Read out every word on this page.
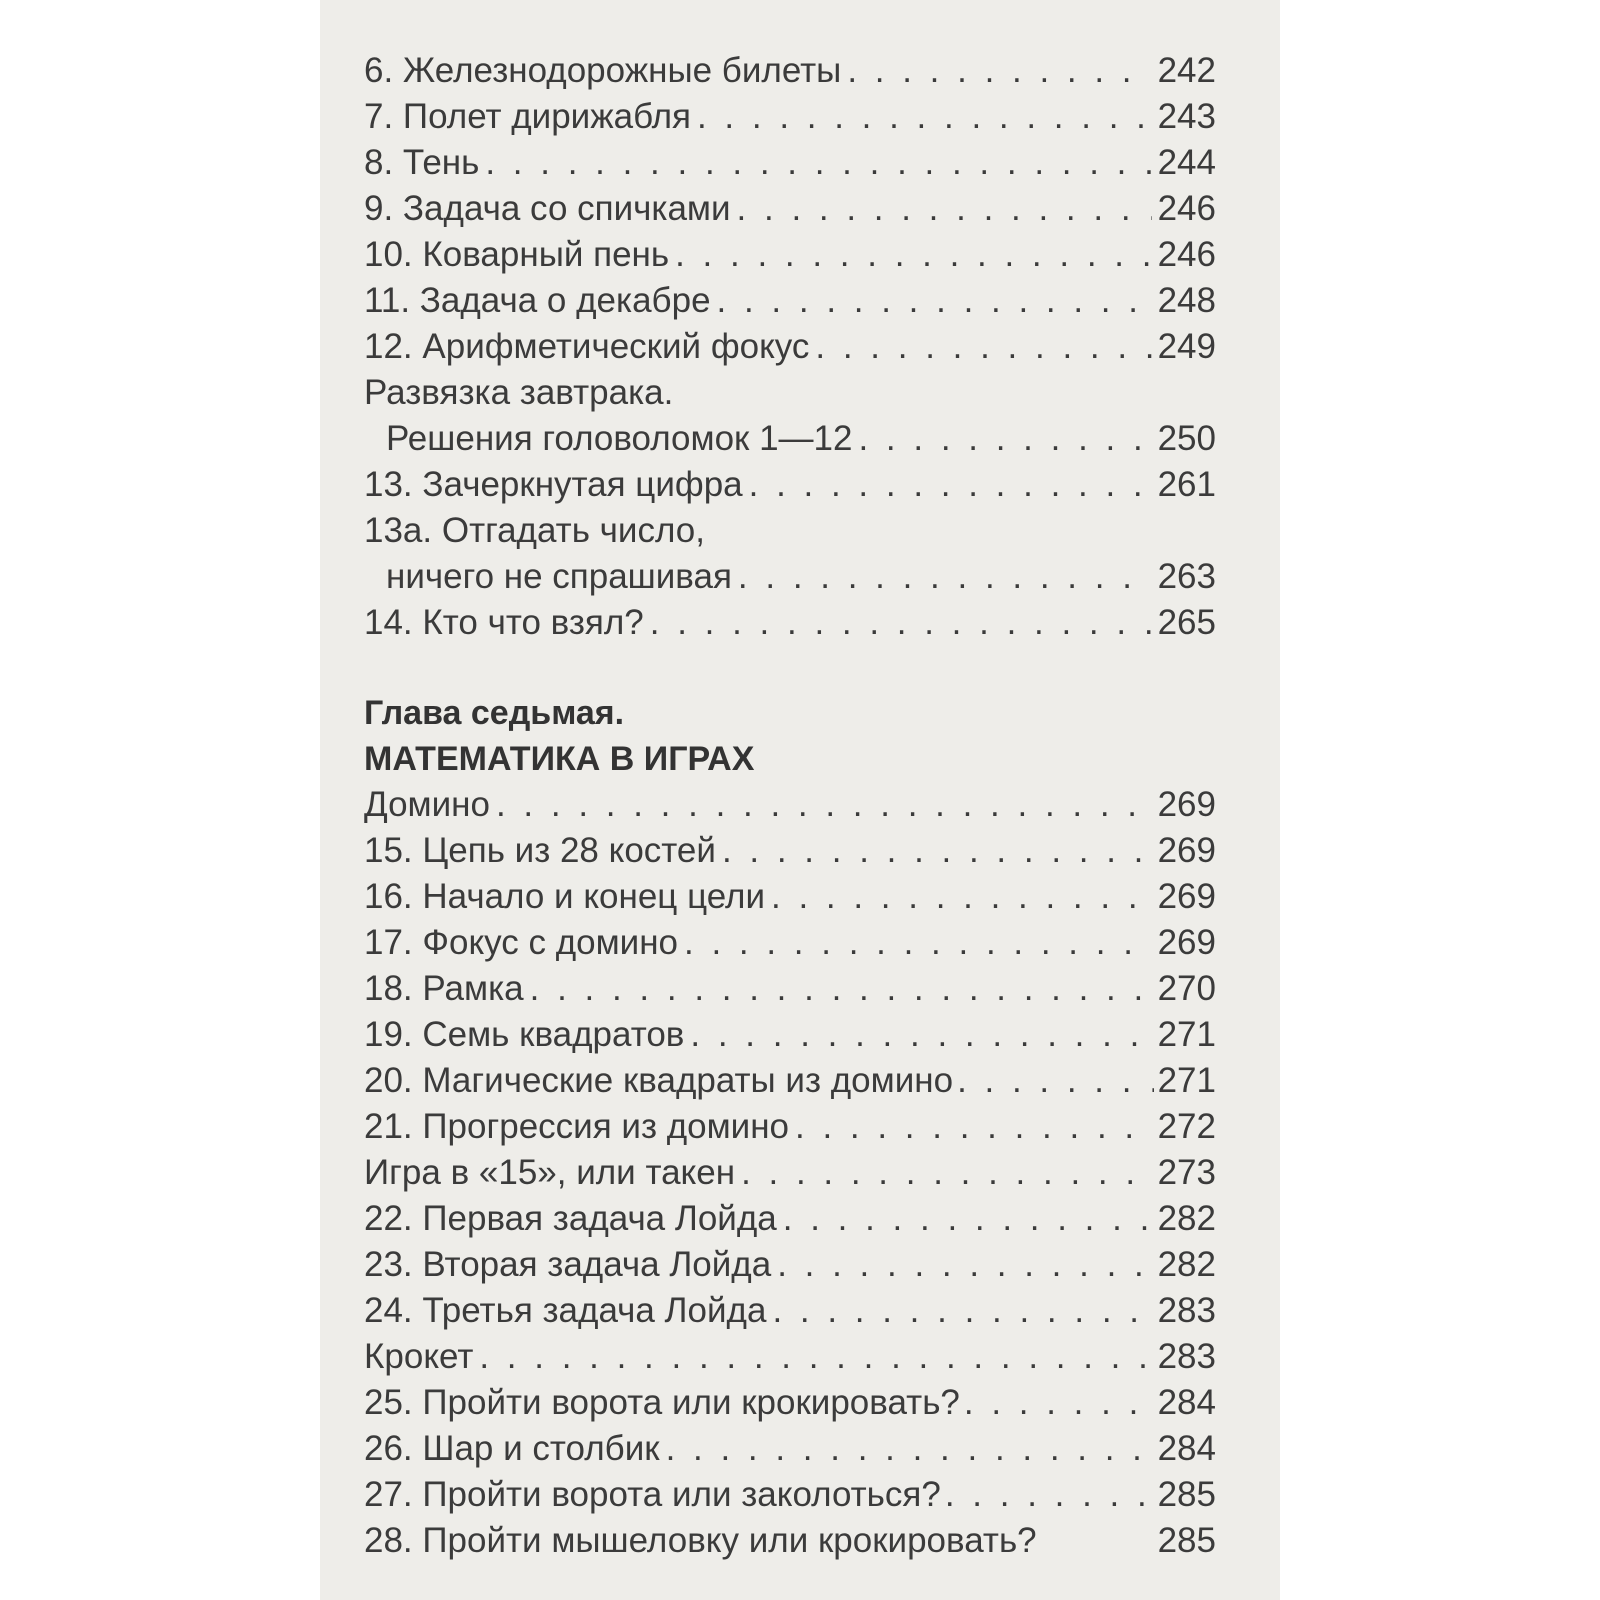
6. Железнодорожные билеты . . .	242
7. Полет дирижабля . . .	243
8. Тень . . .	244
9. Задача со спичками . . .	246
10. Коварный пень . . .	246
11. Задача о декабре . . .	248
12. Арифметический фокус . . .	249
Развязка завтрака.
Решения головоломок 1—12 . . .	250
13. Зачеркнутая цифра . . .	261
13а. Отгадать число,
ничего не спрашивая . . .	263
14. Кто что взял? . . .	265
Глава седьмая.
МАТЕМАТИКА В ИГРАХ
Домино . . .	269
15. Цепь из 28 костей . . .	269
16. Начало и конец цели . . .	269
17. Фокус с домино . . .	269
18. Рамка . . .	270
19. Семь квадратов . . .	271
20. Магические квадраты из домино . . .	271
21. Прогрессия из домино . . .	272
Игра в «15», или такен . . .	273
22. Первая задача Лойда . . .	282
23. Вторая задача Лойда . . .	282
24. Третья задача Лойда . . .	283
Крокет . . .	283
25. Пройти ворота или крокировать? . . .	284
26. Шар и столбик . . .	284
27. Пройти ворота или заколоться? . . .	285
28. Пройти мышеловку или крокировать?	285
